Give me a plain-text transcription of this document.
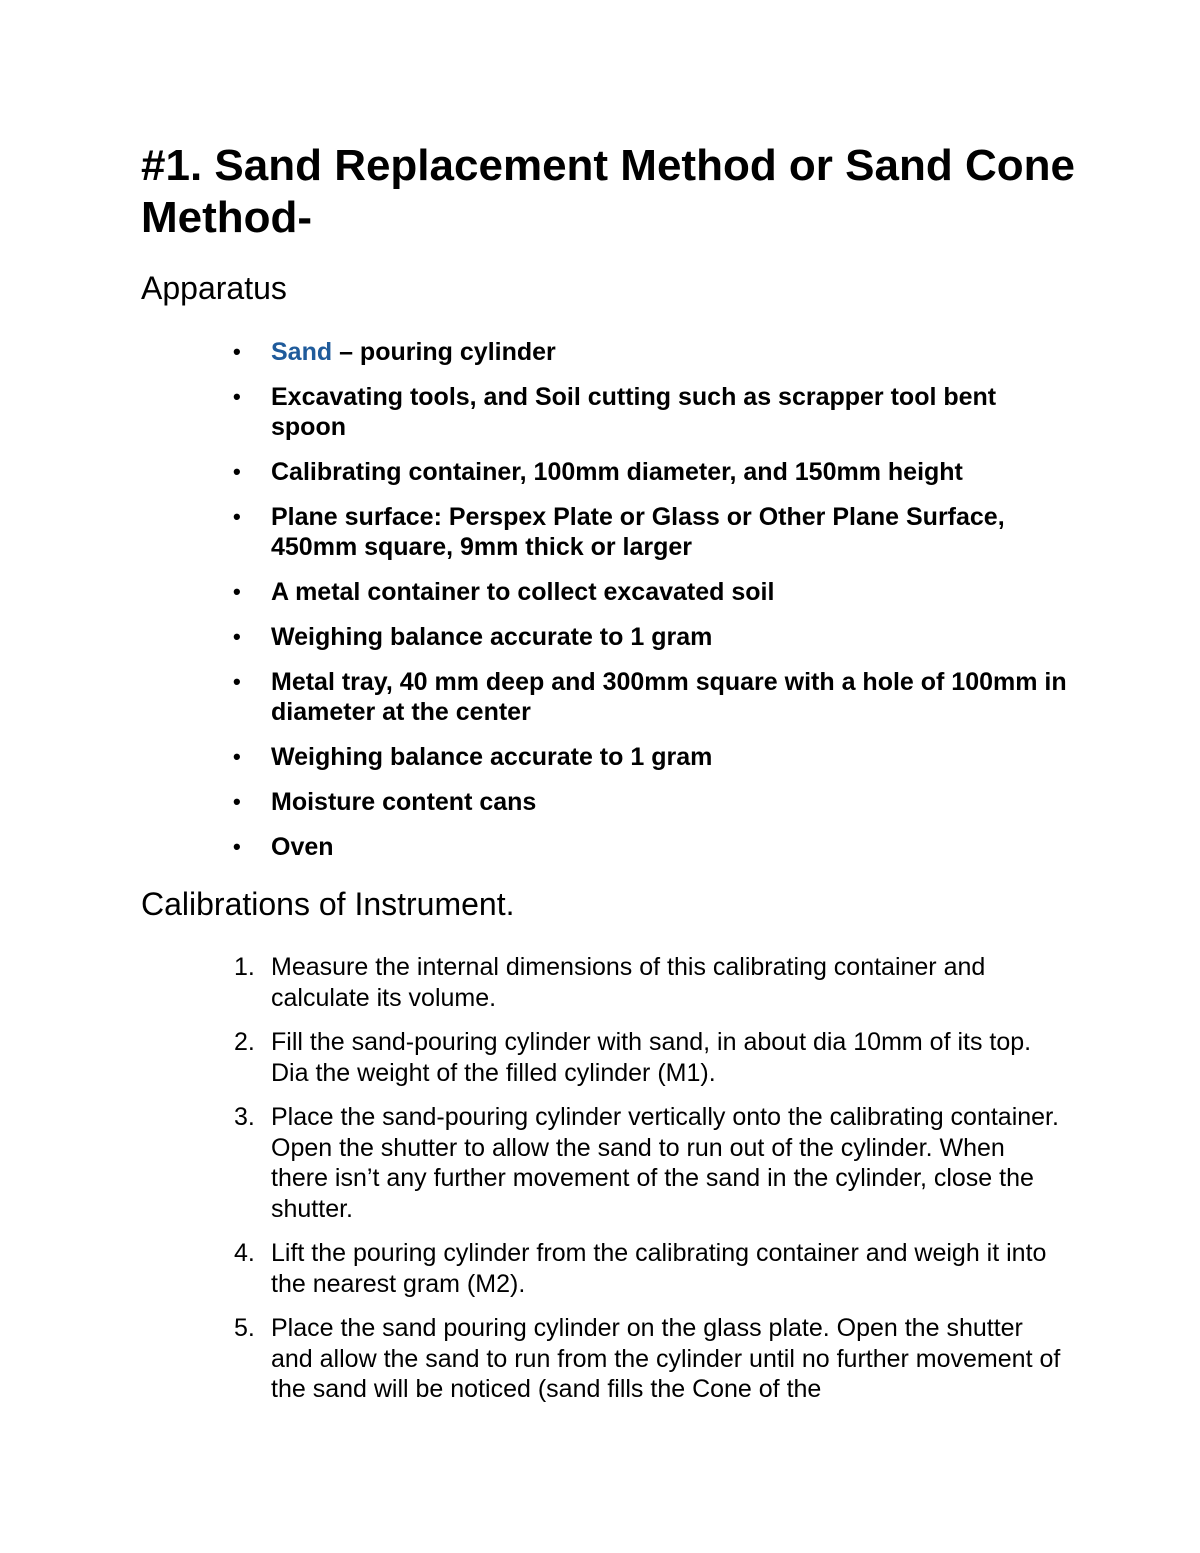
#1. Sand Replacement Method or Sand Cone Method-
Apparatus
• Sand – pouring cylinder
• Excavating tools, and Soil cutting such as scrapper tool bent spoon
• Calibrating container, 100mm diameter, and 150mm height
• Plane surface: Perspex Plate or Glass or Other Plane Surface, 450mm square, 9mm thick or larger
• A metal container to collect excavated soil
• Weighing balance accurate to 1 gram
• Metal tray, 40 mm deep and 300mm square with a hole of 100mm in diameter at the center
• Weighing balance accurate to 1 gram
• Moisture content cans
• Oven
Calibrations of Instrument.
1. Measure the internal dimensions of this calibrating container and calculate its volume.
2. Fill the sand-pouring cylinder with sand, in about dia 10mm of its top. Dia the weight of the filled cylinder (M1).
3. Place the sand-pouring cylinder vertically onto the calibrating container. Open the shutter to allow the sand to run out of the cylinder. When there isn’t any further movement of the sand in the cylinder, close the shutter.
4. Lift the pouring cylinder from the calibrating container and weigh it into the nearest gram (M2).
5. Place the sand pouring cylinder on the glass plate. Open the shutter and allow the sand to run from the cylinder until no further movement of the sand will be noticed (sand fills the Cone of the
